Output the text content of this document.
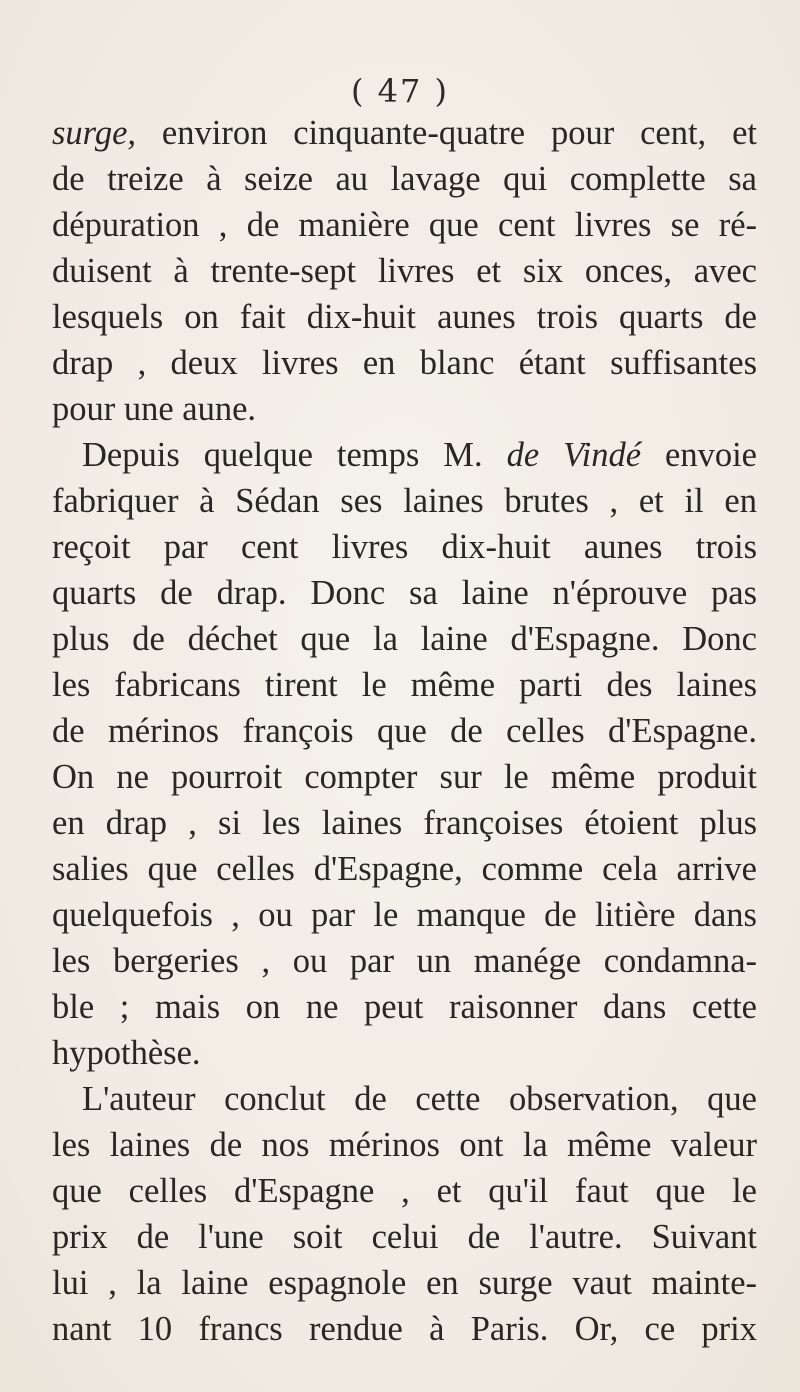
( 47 )
surge, environ cinquante-quatre pour cent, et
de treize à seize au lavage qui complette sa
dépuration , de manière que cent livres se ré-
duisent à trente-sept livres et six onces, avec
lesquels on fait dix-huit aunes trois quarts de
drap , deux livres en blanc étant suffisantes
pour une aune.
Depuis quelque temps M. de Vindé envoie
fabriquer à Sédan ses laines brutes , et il en
reçoit par cent livres dix-huit aunes trois
quarts de drap. Donc sa laine n'éprouve pas
plus de déchet que la laine d'Espagne. Donc
les fabricans tirent le même parti des laines
de mérinos françois que de celles d'Espagne.
On ne pourroit compter sur le même produit
en drap , si les laines françoises étoient plus
salies que celles d'Espagne, comme cela arrive
quelquefois , ou par le manque de litière dans
les bergeries , ou par un manége condamna-
ble ; mais on ne peut raisonner dans cette
hypothèse.
L'auteur conclut de cette observation, que
les laines de nos mérinos ont la même valeur
que celles d'Espagne , et qu'il faut que le
prix de l'une soit celui de l'autre. Suivant
lui , la laine espagnole en surge vaut mainte-
nant 10 francs rendue à Paris. Or, ce prix
